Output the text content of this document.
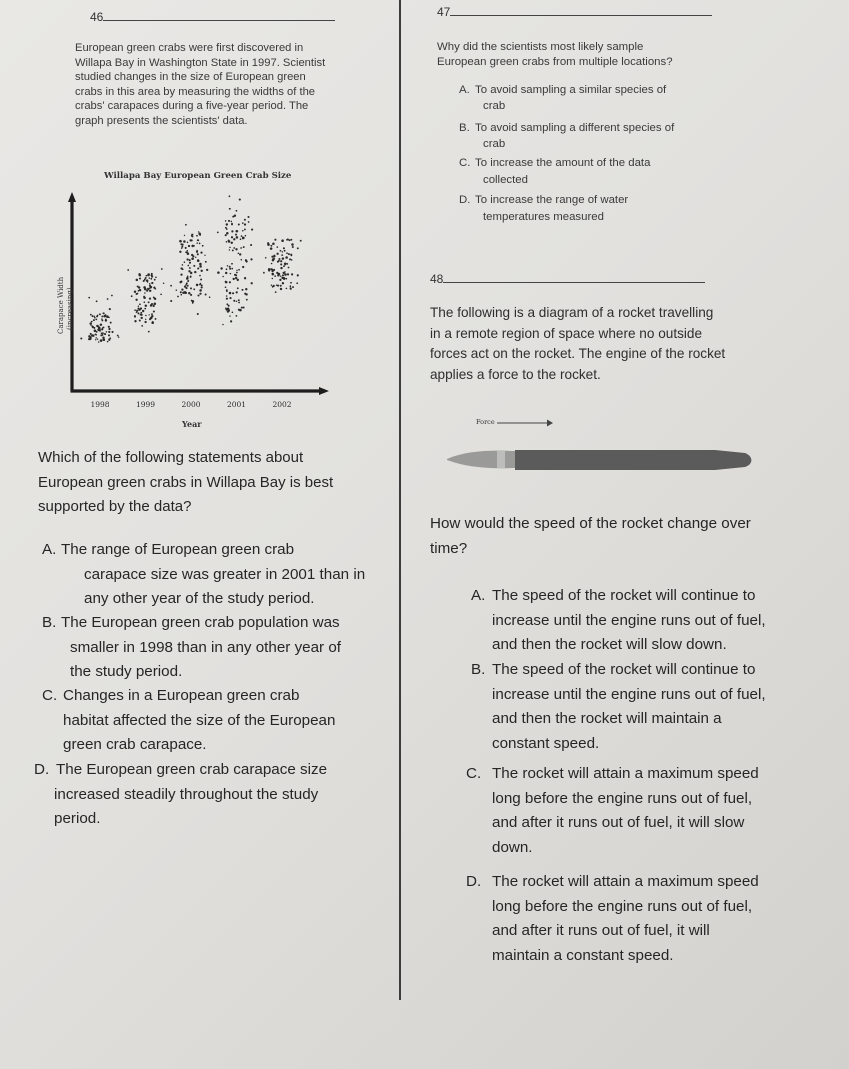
46
European green crabs were first discovered in
Willapa Bay in Washington State in 1997. Scientist
studied changes in the size of European green
crabs in this area by measuring the widths of the
crabs' carapaces during a five-year period. The
graph presents the scientists' data.
Willapa Bay European Green Crab Size
1998	1999	2000	2001	2002
Carapace Width (increasing)
Year
Which of the following statements about
European green crabs in Willapa Bay is best
supported by the data?
A. The range of European green crab
carapace size was greater in 2001 than in
any other year of the study period.
B. The European green crab population was
smaller in 1998 than in any other year of
the study period.
C. Changes in a European green crab
habitat affected the size of the European
green crab carapace.
D. The European green crab carapace size
increased steadily throughout the study
period.
47
Why did the scientists most likely sample
European green crabs from multiple locations?
A. To avoid sampling a similar species of
crab
B. To avoid sampling a different species of
crab
C. To increase the amount of the data
collected
D. To increase the range of water
temperatures measured
48
The following is a diagram of a rocket travelling
in a remote region of space where no outside
forces act on the rocket. The engine of the rocket
applies a force to the rocket.
Force
How would the speed of the rocket change over
time?
A. The speed of the rocket will continue to
increase until the engine runs out of fuel,
and then the rocket will slow down.
B. The speed of the rocket will continue to
increase until the engine runs out of fuel,
and then the rocket will maintain a
constant speed.
C. The rocket will attain a maximum speed
long before the engine runs out of fuel,
and after it runs out of fuel, it will slow
down.
D. The rocket will attain a maximum speed
long before the engine runs out of fuel,
and after it runs out of fuel, it will
maintain a constant speed.
